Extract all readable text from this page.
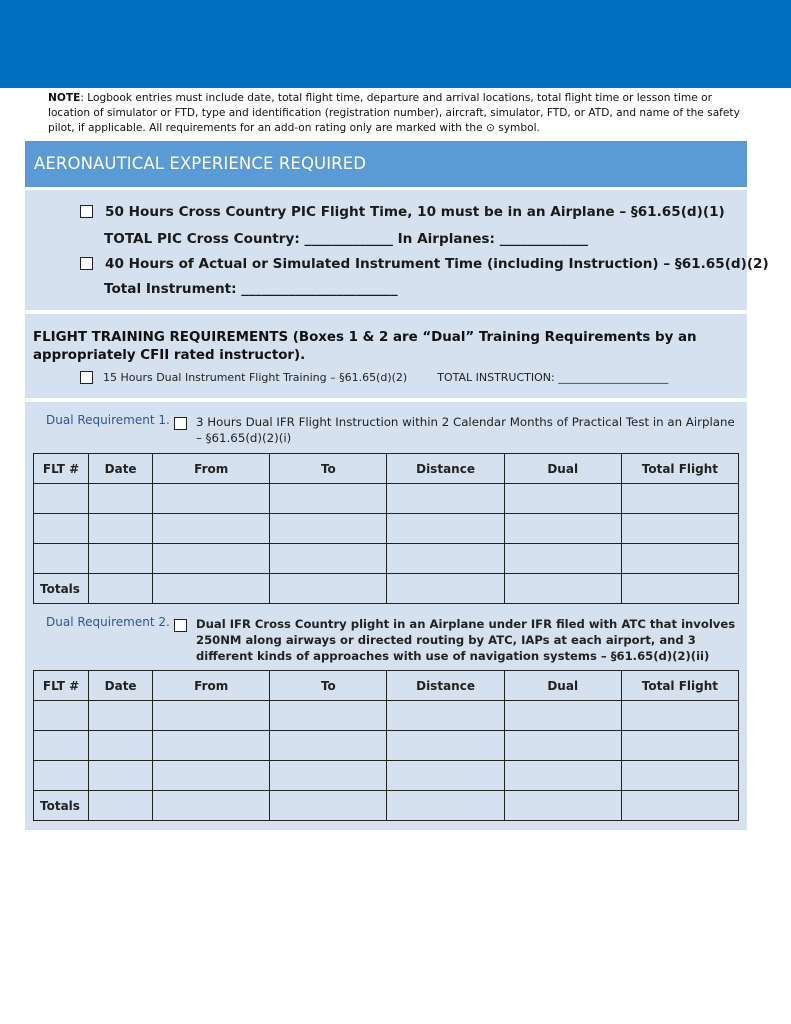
NOTE: Logbook entries must include date, total flight time, departure and arrival locations, total flight time or lesson time or location of simulator or FTD, type and identification (registration number), aircraft, simulator, FTD, or ATD, and name of the safety pilot, if applicable. All requirements for an add-on rating only are marked with the ⊙ symbol.
AERONAUTICAL EXPERIENCE REQUIRED
50 Hours Cross Country PIC Flight Time, 10 must be in an Airplane – §61.65(d)(1)
TOTAL PIC Cross Country: _____________ In Airplanes: _____________
40 Hours of Actual or Simulated Instrument Time (including Instruction) – §61.65(d)(2)
Total Instrument: _______________________
FLIGHT TRAINING REQUIREMENTS (Boxes 1 & 2 are “Dual” Training Requirements by an appropriately CFII rated instructor).
15 Hours Dual Instrument Flight Training – §61.65(d)(2)	TOTAL INSTRUCTION: ____________________
Dual Requirement 1. 3 Hours Dual IFR Flight Instruction within 2 Calendar Months of Practical Test in an Airplane – §61.65(d)(2)(i)
FLT #	Date	From	To	Distance	Dual	Total Flight

Totals						
Dual Requirement 2. Dual IFR Cross Country plight in an Airplane under IFR filed with ATC that involves 250NM along airways or directed routing by ATC, IAPs at each airport, and 3 different kinds of approaches with use of navigation systems – §61.65(d)(2)(ii)
FLT #	Date	From	To	Distance	Dual	Total Flight

Totals						
